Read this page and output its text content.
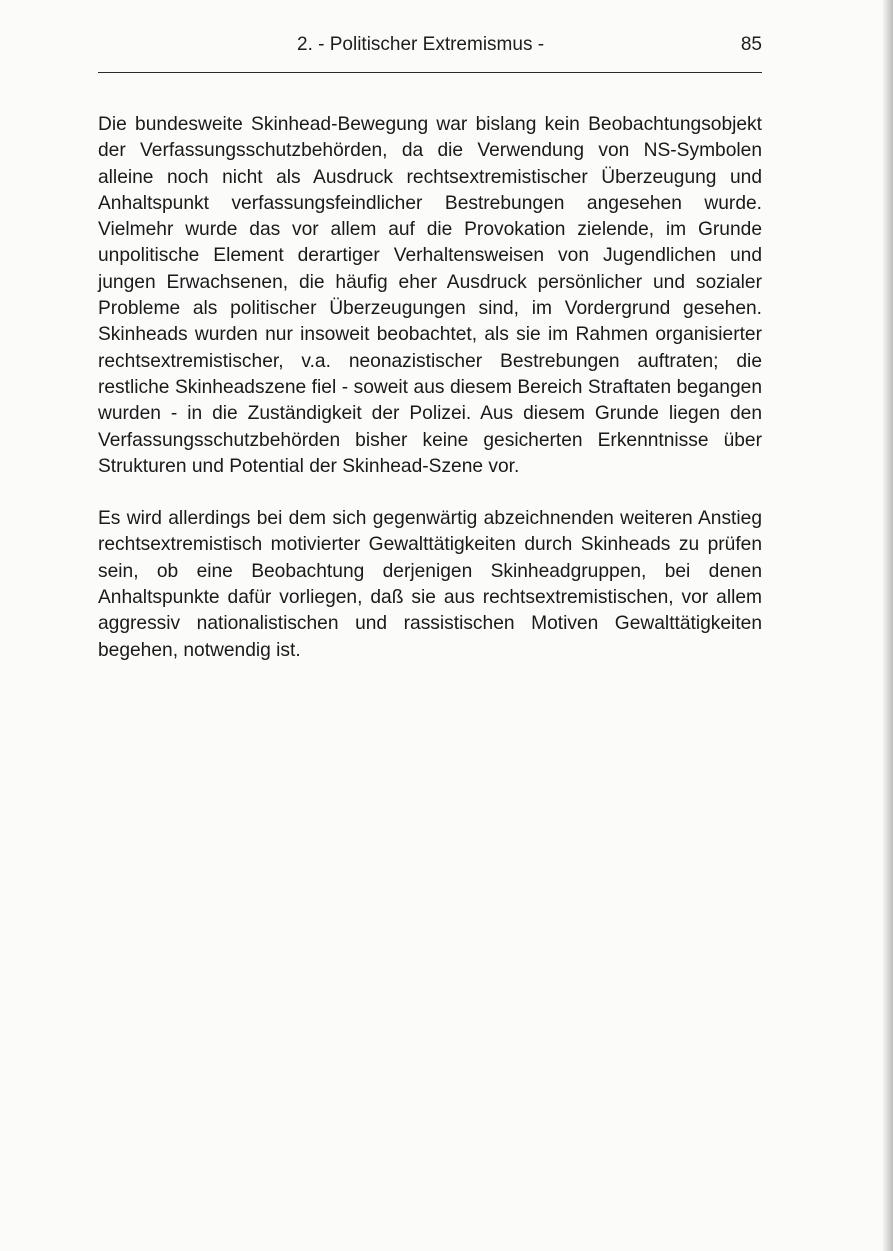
2. - Politischer Extremismus -	85

Die bundesweite Skinhead-Bewegung war bislang kein Beobachtungsobjekt der Verfassungsschutzbehörden, da die Verwendung von NS-Symbolen alleine noch nicht als Ausdruck rechtsextremistischer Überzeugung und Anhaltspunkt verfassungsfeindlicher Bestrebungen angesehen wurde. Vielmehr wurde das vor allem auf die Provokation zielende, im Grunde unpolitische Element derartiger Verhaltensweisen von Jugendlichen und jungen Erwachsenen, die häufig eher Ausdruck persönlicher und sozialer Probleme als politischer Überzeugungen sind, im Vordergrund gesehen. Skinheads wurden nur insoweit beobachtet, als sie im Rahmen organisierter rechtsextremistischer, v.a. neonazistischer Bestrebungen auftraten; die restliche Skinheadszene fiel - soweit aus diesem Bereich Straftaten begangen wurden - in die Zuständigkeit der Polizei. Aus diesem Grunde liegen den Verfassungsschutzbehörden bisher keine gesicherten Erkenntnisse über Strukturen und Potential der Skinhead-Szene vor.

Es wird allerdings bei dem sich gegenwärtig abzeichnenden weiteren Anstieg rechtsextremistisch motivierter Gewalttätigkeiten durch Skinheads zu prüfen sein, ob eine Beobachtung derjenigen Skinheadgruppen, bei denen Anhaltspunkte dafür vorliegen, daß sie aus rechtsextremistischen, vor allem aggressiv nationalistischen und rassistischen Motiven Gewalttätigkeiten begehen, notwendig ist.
